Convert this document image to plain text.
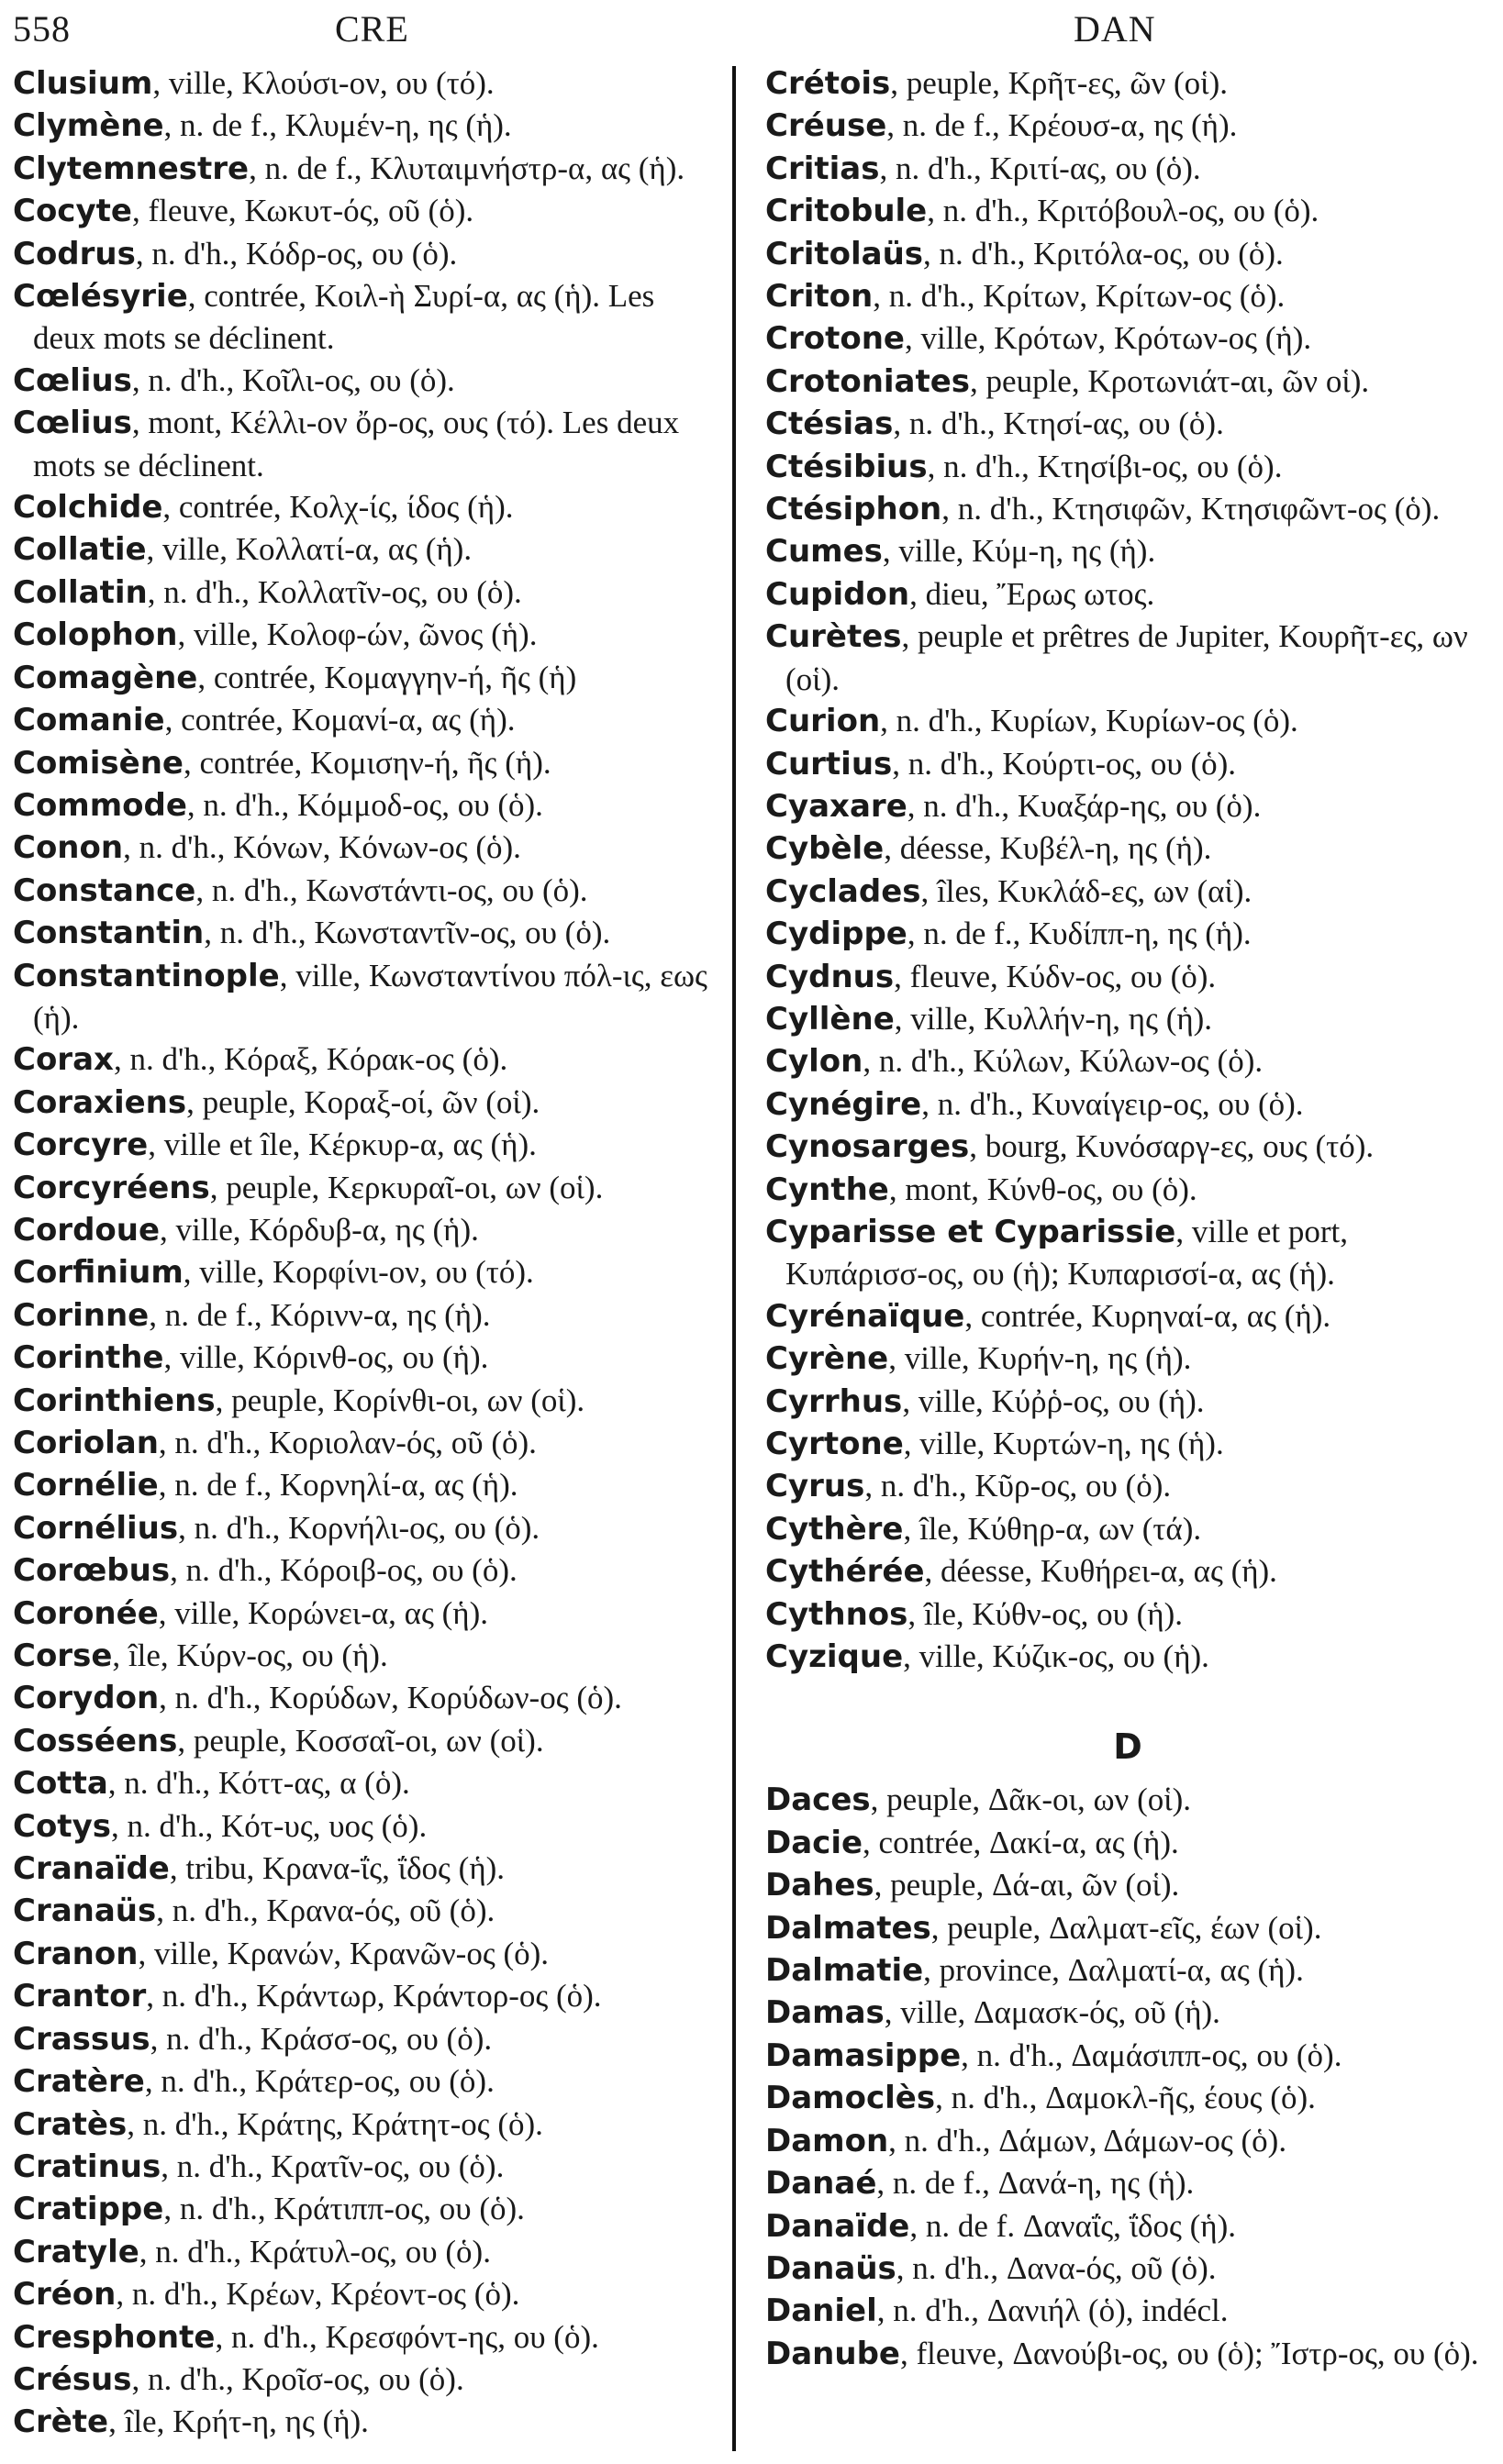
558	CRE	DAN
Clusium, ville, Κλούσι-ον, ου (τό).
Clymène, n. de f., Κλυμέν-η, ης (ἡ).
Clytemnestre, n. de f., Κλυταιμνήστρ-α, ας (ἡ).
Cocyte, fleuve, Κωκυτ-ός, οῦ (ὁ).
Codrus, n. d'h., Κόδρ-ος, ου (ὁ).
Cœlésyrie, contrée, Κοιλ-ὴ Συρί-α, ας (ἡ). Les deux mots se déclinent.
Cœlius, n. d'h., Κοῖλι-ος, ου (ὁ).
Cœlius, mont, Κέλλι-ον ὄρ-ος, ους (τό). Les deux mots se déclinent.
Colchide, contrée, Κολχ-ίς, ίδος (ἡ).
Collatie, ville, Κολλατί-α, ας (ἡ).
Collatin, n. d'h., Κολλατῖν-ος, ου (ὁ).
Colophon, ville, Κολοφ-ών, ῶνος (ἡ).
Comagène, contrée, Κομαγγην-ή, ῆς (ἡ)
Comanie, contrée, Κομανί-α, ας (ἡ).
Comisène, contrée, Κομισην-ή, ῆς (ἡ).
Commode, n. d'h., Κόμμοδ-ος, ου (ὁ).
Conon, n. d'h., Κόνων, Κόνων-ος (ὁ).
Constance, n. d'h., Κωνστάντι-ος, ου (ὁ).
Constantin, n. d'h., Κωνσταντῖν-ος, ου (ὁ).
Constantinople, ville, Κωνσταντίνου πόλ-ις, εως (ἡ).
Corax, n. d'h., Κόραξ, Κόρακ-ος (ὁ).
Coraxiens, peuple, Κοραξ-οί, ῶν (οἱ).
Corcyre, ville et île, Κέρκυρ-α, ας (ἡ).
Corcyréens, peuple, Κερκυραῖ-οι, ων (οἱ).
Cordoue, ville, Κόρδυβ-α, ης (ἡ).
Corfinium, ville, Κορφίνι-ον, ου (τό).
Corinne, n. de f., Κόρινν-α, ης (ἡ).
Corinthe, ville, Κόρινθ-ος, ου (ἡ).
Corinthiens, peuple, Κορίνθι-οι, ων (οἱ).
Coriolan, n. d'h., Κοριολαν-ός, οῦ (ὁ).
Cornélie, n. de f., Κορνηλί-α, ας (ἡ).
Cornélius, n. d'h., Κορνήλι-ος, ου (ὁ).
Corœbus, n. d'h., Κόροιβ-ος, ου (ὁ).
Coronée, ville, Κορώνει-α, ας (ἡ).
Corse, île, Κύρν-ος, ου (ἡ).
Corydon, n. d'h., Κορύδων, Κορύδων-ος (ὁ).
Cosséens, peuple, Κοσσαῖ-οι, ων (οἱ).
Cotta, n. d'h., Κόττ-ας, α (ὁ).
Cotys, n. d'h., Κότ-υς, υος (ὁ).
Cranaïde, tribu, Κρανα-ΐς, ΐδος (ἡ).
Cranaüs, n. d'h., Κρανα-ός, οῦ (ὁ).
Cranon, ville, Κρανών, Κρανῶν-ος (ὁ).
Crantor, n. d'h., Κράντωρ, Κράντορ-ος (ὁ).
Crassus, n. d'h., Κράσσ-ος, ου (ὁ).
Cratère, n. d'h., Κράτερ-ος, ου (ὁ).
Cratès, n. d'h., Κράτης, Κράτητ-ος (ὁ).
Cratinus, n. d'h., Κρατῖν-ος, ου (ὁ).
Cratippe, n. d'h., Κράτιππ-ος, ου (ὁ).
Cratyle, n. d'h., Κράτυλ-ος, ου (ὁ).
Créon, n. d'h., Κρέων, Κρέοντ-ος (ὁ).
Cresphonte, n. d'h., Κρεσφόντ-ης, ου (ὁ).
Crésus, n. d'h., Κροῖσ-ος, ου (ὁ).
Crète, île, Κρήτ-η, ης (ἡ).
Crétois, peuple, Κρῆτ-ες, ῶν (οἱ).
Créuse, n. de f., Κρέουσ-α, ης (ἡ).
Critias, n. d'h., Κριτί-ας, ου (ὁ).
Critobule, n. d'h., Κριτόβουλ-ος, ου (ὁ).
Critolaüs, n. d'h., Κριτόλα-ος, ου (ὁ).
Criton, n. d'h., Κρίτων, Κρίτων-ος (ὁ).
Crotone, ville, Κρότων, Κρότων-ος (ἡ).
Crotoniates, peuple, Κροτωνιάτ-αι, ῶν οἱ).
Ctésias, n. d'h., Κτησί-ας, ου (ὁ).
Ctésibius, n. d'h., Κτησίβι-ος, ου (ὁ).
Ctésiphon, n. d'h., Κτησιφῶν, Κτησιφῶντ-ος (ὁ).
Cumes, ville, Κύμ-η, ης (ἡ).
Cupidon, dieu, Ἔρως ωτος.
Curètes, peuple et prêtres de Jupiter, Κουρῆτ-ες, ων (οἱ).
Curion, n. d'h., Κυρίων, Κυρίων-ος (ὁ).
Curtius, n. d'h., Κούρτι-ος, ου (ὁ).
Cyaxare, n. d'h., Κυαξάρ-ης, ου (ὁ).
Cybèle, déesse, Κυβέλ-η, ης (ἡ).
Cyclades, îles, Κυκλάδ-ες, ων (αἱ).
Cydippe, n. de f., Κυδίππ-η, ης (ἡ).
Cydnus, fleuve, Κύδν-ος, ου (ὁ).
Cyllène, ville, Κυλλήν-η, ης (ἡ).
Cylon, n. d'h., Κύλων, Κύλων-ος (ὁ).
Cynégire, n. d'h., Κυναίγειρ-ος, ου (ὁ).
Cynosarges, bourg, Κυνόσαργ-ες, ους (τό).
Cynthe, mont, Κύνθ-ος, ου (ὁ).
Cyparisse et Cyparissie, ville et port, Κυπάρισσ-ος, ου (ἡ); Κυπαρισσί-α, ας (ἡ).
Cyrénaïque, contrée, Κυρηναί-α, ας (ἡ).
Cyrène, ville, Κυρήν-η, ης (ἡ).
Cyrrhus, ville, Κύῤῥ-ος, ου (ἡ).
Cyrtone, ville, Κυρτών-η, ης (ἡ).
Cyrus, n. d'h., Κῦρ-ος, ου (ὁ).
Cythère, île, Κύθηρ-α, ων (τά).
Cythérée, déesse, Κυθήρει-α, ας (ἡ).
Cythnos, île, Κύθν-ος, ου (ἡ).
Cyzique, ville, Κύζικ-ος, ου (ἡ).
D
Daces, peuple, Δᾶκ-οι, ων (οἱ).
Dacie, contrée, Δακί-α, ας (ἡ).
Dahes, peuple, Δά-αι, ῶν (οἱ).
Dalmates, peuple, Δαλματ-εῖς, έων (οἱ).
Dalmatie, province, Δαλματί-α, ας (ἡ).
Damas, ville, Δαμασκ-ός, οῦ (ἡ).
Damasippe, n. d'h., Δαμάσιππ-ος, ου (ὁ).
Damoclès, n. d'h., Δαμοκλ-ῆς, έους (ὁ).
Damon, n. d'h., Δάμων, Δάμων-ος (ὁ).
Danaé, n. de f., Δανά-η, ης (ἡ).
Danaïde, n. de f. Δαναΐς, ΐδος (ἡ).
Danaüs, n. d'h., Δανα-ός, οῦ (ὁ).
Daniel, n. d'h., Δανιήλ (ὁ), indécl.
Danube, fleuve, Δανούβι-ος, ου (ὁ); Ἴστρ-ος, ου (ὁ).
